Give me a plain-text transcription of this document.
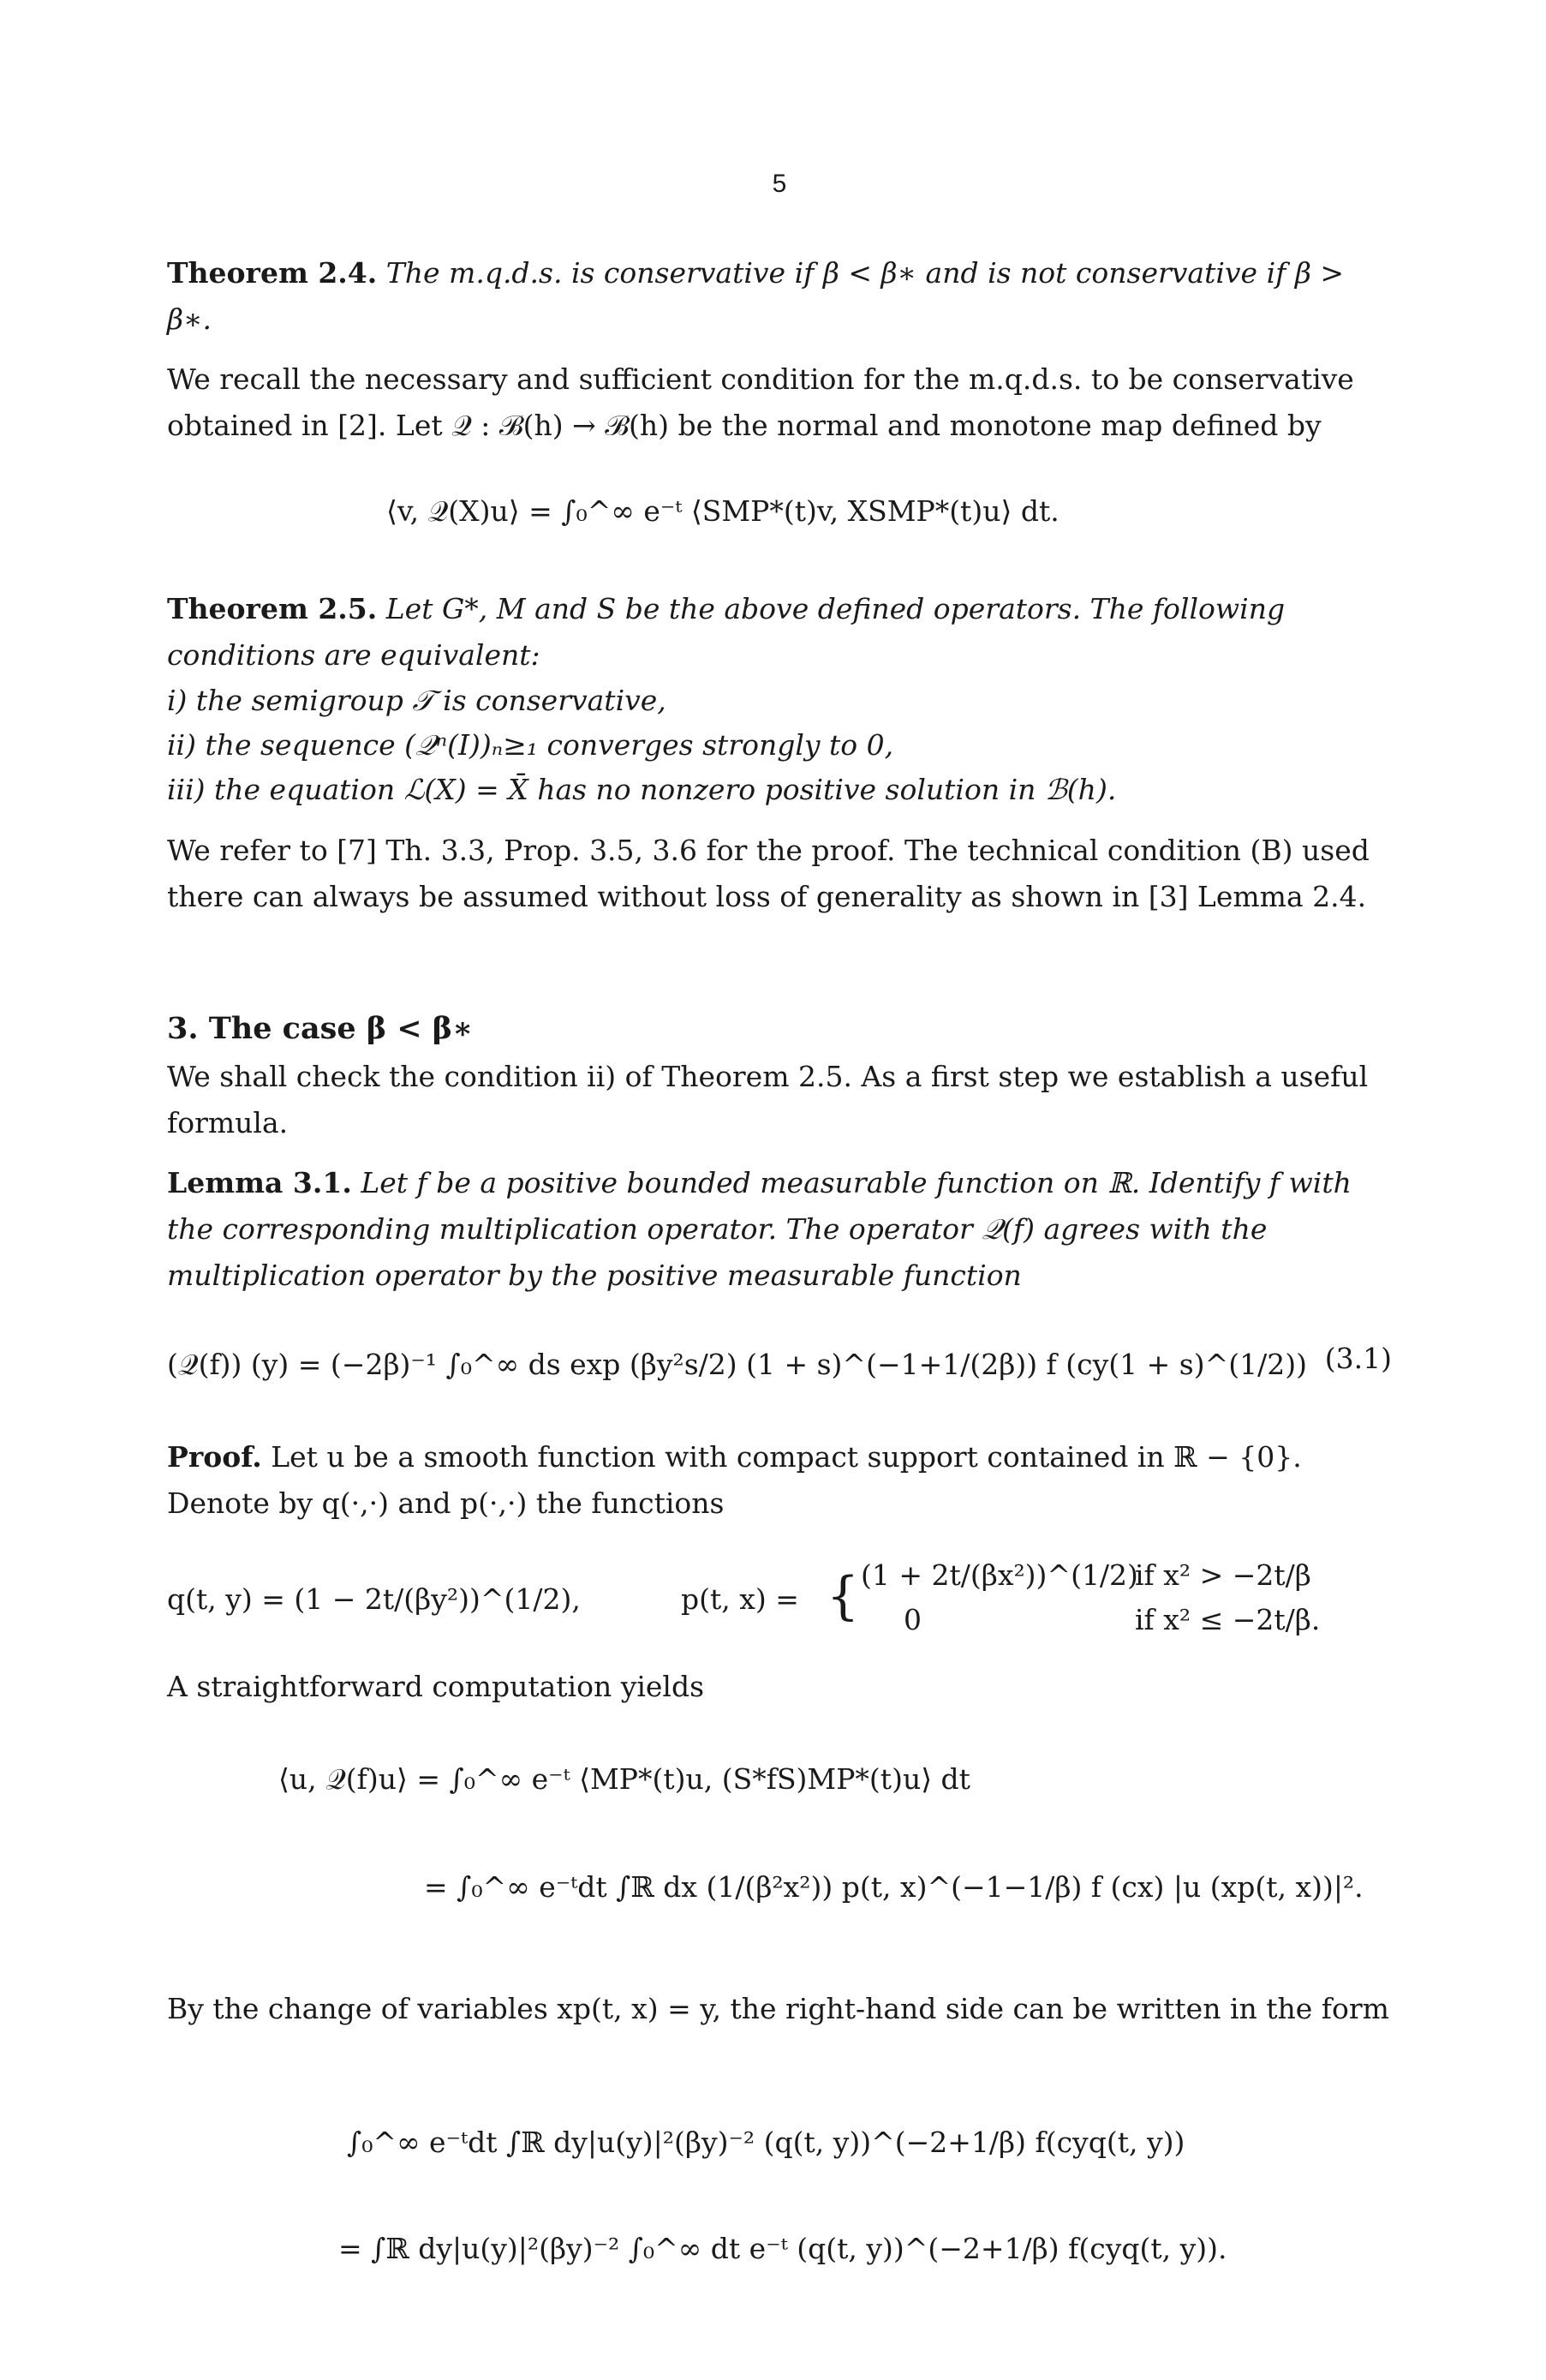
5
Theorem 2.4. The m.q.d.s. is conservative if β < β∗ and is not conservative if β > β∗.
We recall the necessary and sufficient condition for the m.q.d.s. to be conservative obtained in [2]. Let 𝒬 : ℬ(h) → ℬ(h) be the normal and monotone map defined by
⟨v, 𝒬(X)u⟩ = ∫₀^∞ e⁻ᵗ ⟨SMP*(t)v, XSMP*(t)u⟩ dt.
Theorem 2.5. Let G*, M and S be the above defined operators. The following conditions are equivalent:
i) the semigroup 𝒯 is conservative,
ii) the sequence (𝒬ⁿ(I))ₙ≥₁ converges strongly to 0,
iii) the equation ℒ(X) = X̄ has no nonzero positive solution in ℬ(h).
We refer to [7] Th. 3.3, Prop. 3.5, 3.6 for the proof. The technical condition (B) used there can always be assumed without loss of generality as shown in [3] Lemma 2.4.
3. The case β < β∗
We shall check the condition ii) of Theorem 2.5. As a first step we establish a useful formula.
Lemma 3.1. Let f be a positive bounded measurable function on ℝ. Identify f with the corresponding multiplication operator. The operator 𝒬(f) agrees with the multiplication operator by the positive measurable function
(𝒬(f)) (y) = (−2β)⁻¹ ∫₀^∞ ds exp (βy²s/2) (1 + s)^(−1+1/(2β)) f (cy(1 + s)^(1/2)) (3.1)
Proof. Let u be a smooth function with compact support contained in ℝ − {0}. Denote by q(·,·) and p(·,·) the functions
q(t, y) = (1 − 2t/(βy²))^(1/2),	p(t, x) = { (1 + 2t/(βx²))^(1/2)
if x² > −2t/β
0	if x² ≤ −2t/β.
A straightforward computation yields
⟨u, 𝒬(f)u⟩ = ∫₀^∞ e⁻ᵗ ⟨MP*(t)u, (S*fS)MP*(t)u⟩ dt
= ∫₀^∞ e⁻ᵗdt ∫ℝ dx (1/(β²x²)) p(t, x)^(−1−1/β) f (cx) |u (xp(t, x))|².
By the change of variables xp(t, x) = y, the right-hand side can be written in the form
∫₀^∞ e⁻ᵗdt ∫ℝ dy|u(y)|²(βy)⁻² (q(t, y))^(−2+1/β) f(cyq(t, y))
= ∫ℝ dy|u(y)|²(βy)⁻² ∫₀^∞ dt e⁻ᵗ (q(t, y))^(−2+1/β) f(cyq(t, y)).
